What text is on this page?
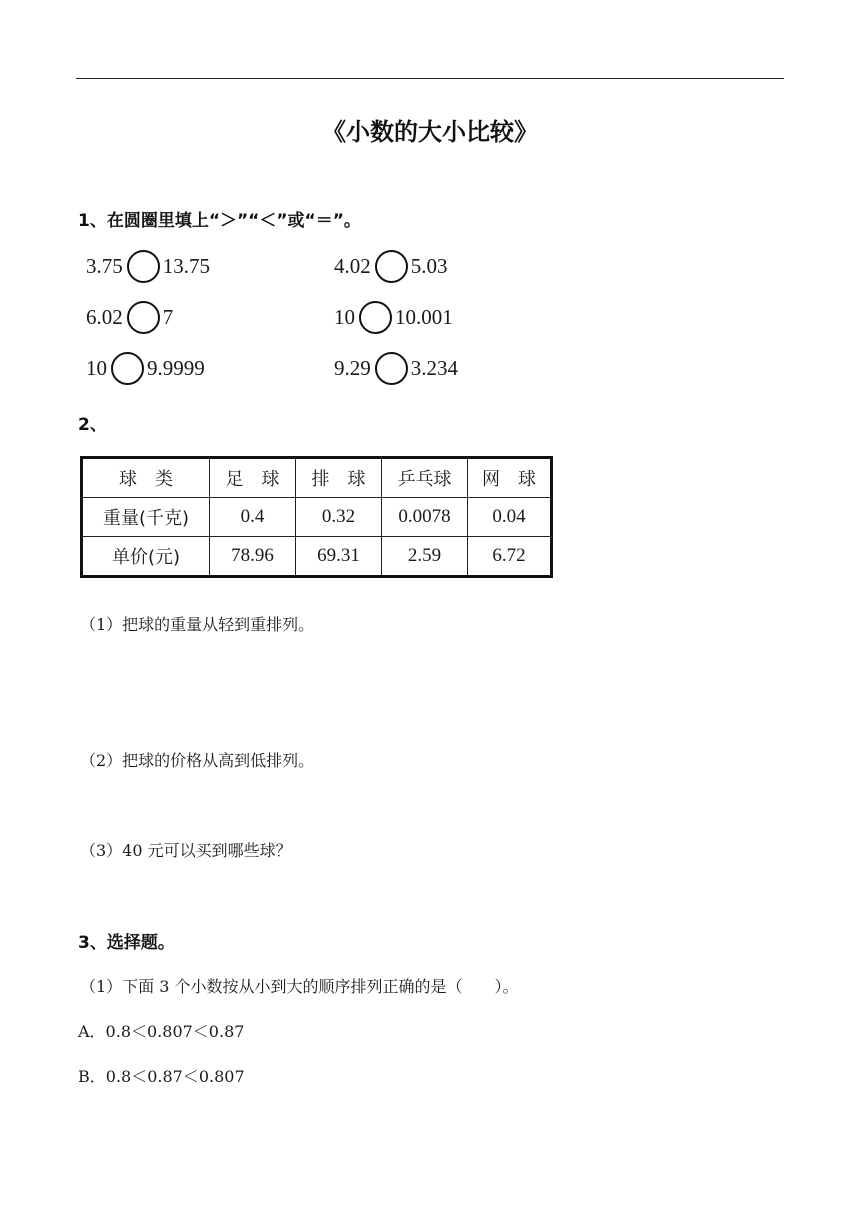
《小数的大小比较》
1、在圆圈里填上“＞”“＜”或“＝”。
3.75 13.75	4.02 5.03
6.02 7	10 10.001
10 9.9999	9.29 3.234
2、
球　类	足　球	排　球	乒乓球	网　球
重量(千克)	0.4	0.32	0.0078	0.04
单价(元)	78.96	69.31	2.59	6.72
（1）把球的重量从轻到重排列。
（2）把球的价格从高到低排列。
（3）40 元可以买到哪些球？
3、选择题。
（1）下面 3 个小数按从小到大的顺序排列正确的是（　　）。
A．0.8＜0.807＜0.87
B．0.8＜0.87＜0.807
